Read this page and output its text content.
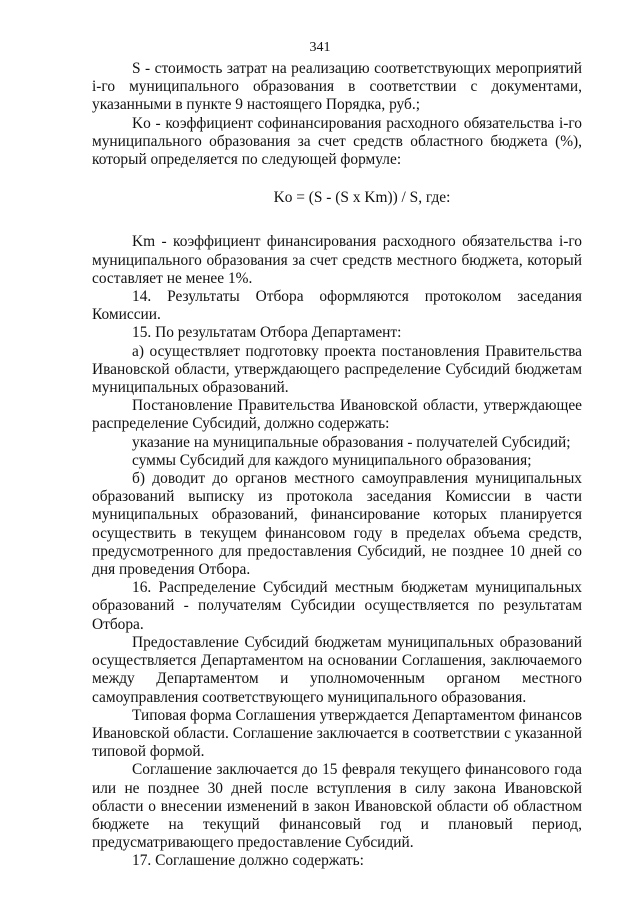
341

S - стоимость затрат на реализацию соответствующих мероприятий i-го муниципального образования в соответствии с документами, указанными в пункте 9 настоящего Порядка, руб.;

Ko - коэффициент софинансирования расходного обязательства i-го муниципального образования за счет средств областного бюджета (%), который определяется по следующей формуле:

Ko = (S - (S x Km)) / S, где:

Km - коэффициент финансирования расходного обязательства i-го муниципального образования за счет средств местного бюджета, который составляет не менее 1%.

14. Результаты Отбора оформляются протоколом заседания Комиссии.

15. По результатам Отбора Департамент:

а) осуществляет подготовку проекта постановления Правительства Ивановской области, утверждающего распределение Субсидий бюджетам муниципальных образований.

Постановление Правительства Ивановской области, утверждающее распределение Субсидий, должно содержать:

указание на муниципальные образования - получателей Субсидий;

суммы Субсидий для каждого муниципального образования;

б) доводит до органов местного самоуправления муниципальных образований выписку из протокола заседания Комиссии в части муниципальных образований, финансирование которых планируется осуществить в текущем финансовом году в пределах объема средств, предусмотренного для предоставления Субсидий, не позднее 10 дней со дня проведения Отбора.

16. Распределение Субсидий местным бюджетам муниципальных образований - получателям Субсидии осуществляется по результатам Отбора.

Предоставление Субсидий бюджетам муниципальных образований осуществляется Департаментом на основании Соглашения, заключаемого между Департаментом и уполномоченным органом местного самоуправления соответствующего муниципального образования.

Типовая форма Соглашения утверждается Департаментом финансов Ивановской области. Соглашение заключается в соответствии с указанной типовой формой.

Соглашение заключается до 15 февраля текущего финансового года или не позднее 30 дней после вступления в силу закона Ивановской области о внесении изменений в закон Ивановской области об областном бюджете на текущий финансовый год и плановый период, предусматривающего предоставление Субсидий.

17. Соглашение должно содержать:
